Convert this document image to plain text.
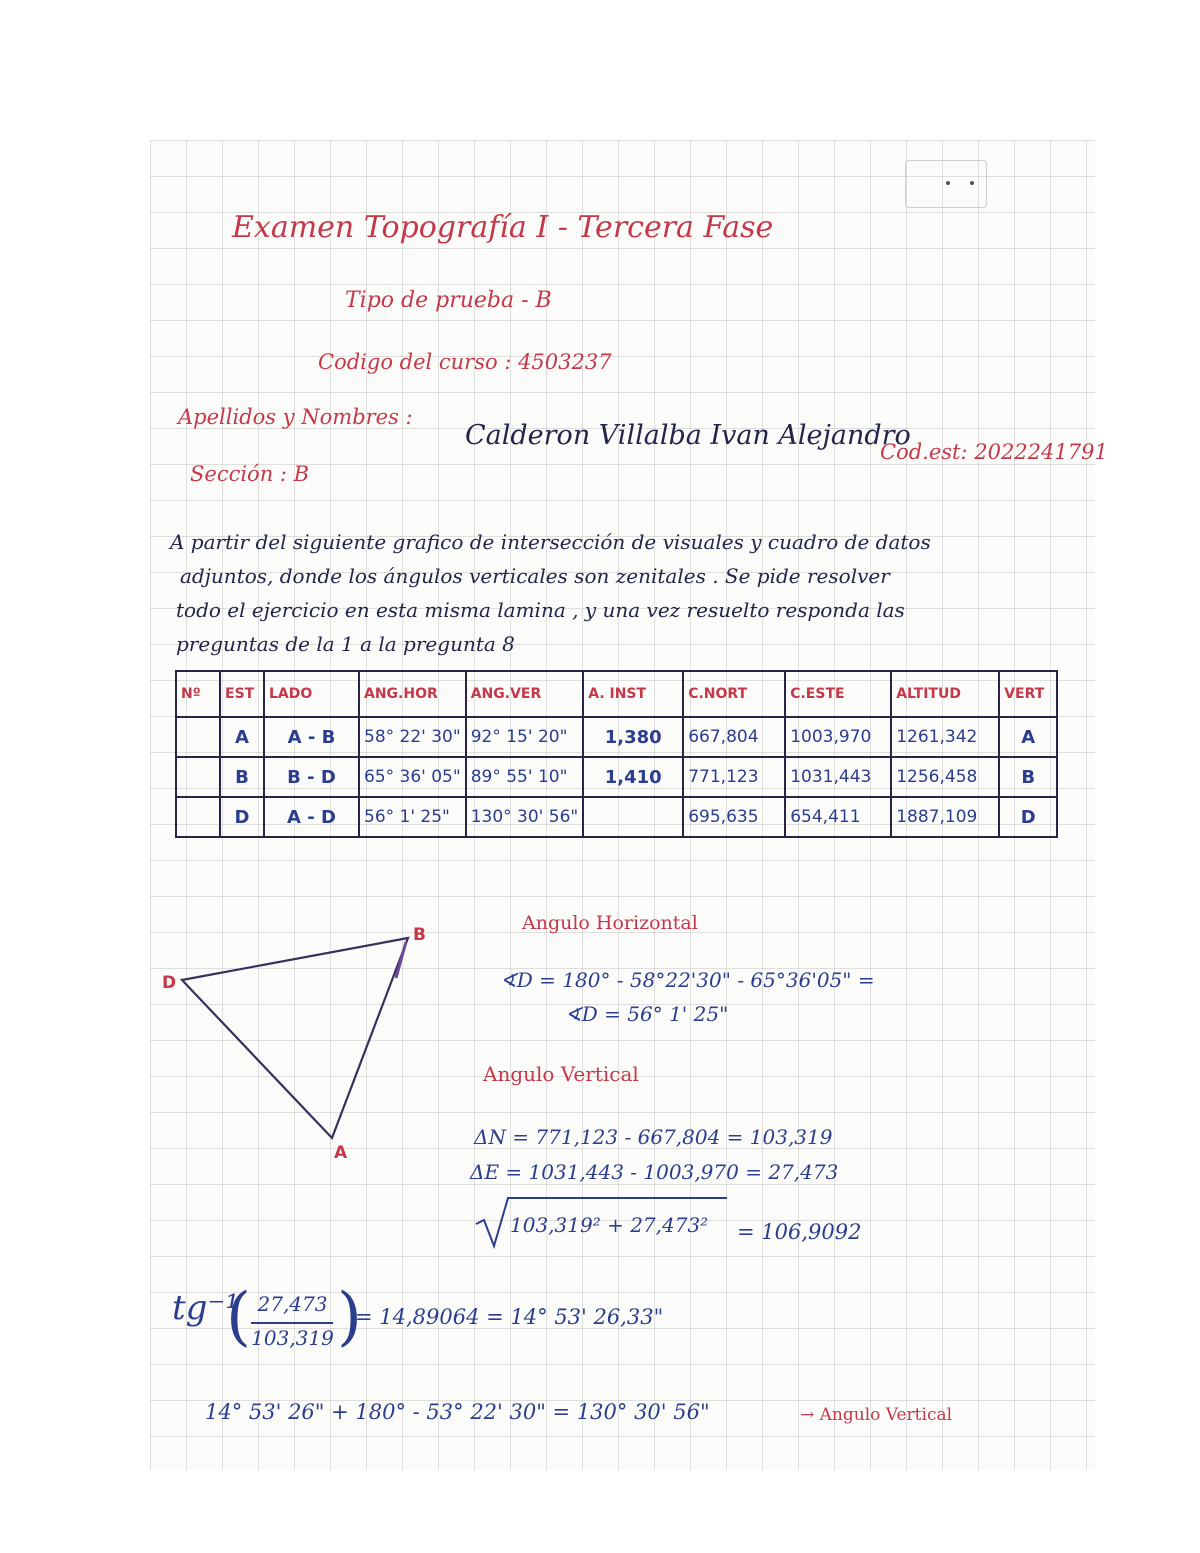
Examen Topografía I - Tercera Fase
Tipo de prueba - B
Codigo del curso : 4503237
Apellidos y Nombres :
Calderon Villalba Ivan Alejandro
Cod.est: 2022241791
Sección : B
A partir del siguiente grafico de intersección de visuales y cuadro de datos
adjuntos, donde los ángulos verticales son zenitales . Se pide resolver
todo el ejercicio en esta misma lamina , y una vez resuelto responda las
preguntas de la 1 a la pregunta 8
Nº	EST	LADO	ANG.HOR	ANG.VER	A. INST	C.NORT	C.ESTE	ALTITUD	VERT
	A	A - B	58° 22' 30"	92° 15' 20"	1,380	667,804	1003,970	1261,342	A
	B	B - D	65° 36' 05"	89° 55' 10"	1,410	771,123	1031,443	1256,458	B
	D	A - D	56° 1' 25"	130° 30' 56"		695,635	654,411	1887,109	D
B
D
A
Angulo Horizontal
∢D = 180° - 58°22'30" - 65°36'05" =
∢D = 56° 1' 25"
Angulo Vertical
ΔN = 771,123 - 667,804 = 103,319
ΔE = 1031,443 - 1003,970 = 27,473
103,319² + 27,473² = 106,9092
tg⁻¹
( 27,473
103,319 )
= 14,89064 = 14° 53' 26,33"
14° 53' 26" + 180° - 53° 22' 30" = 130° 30' 56"	→ Angulo Vertical
